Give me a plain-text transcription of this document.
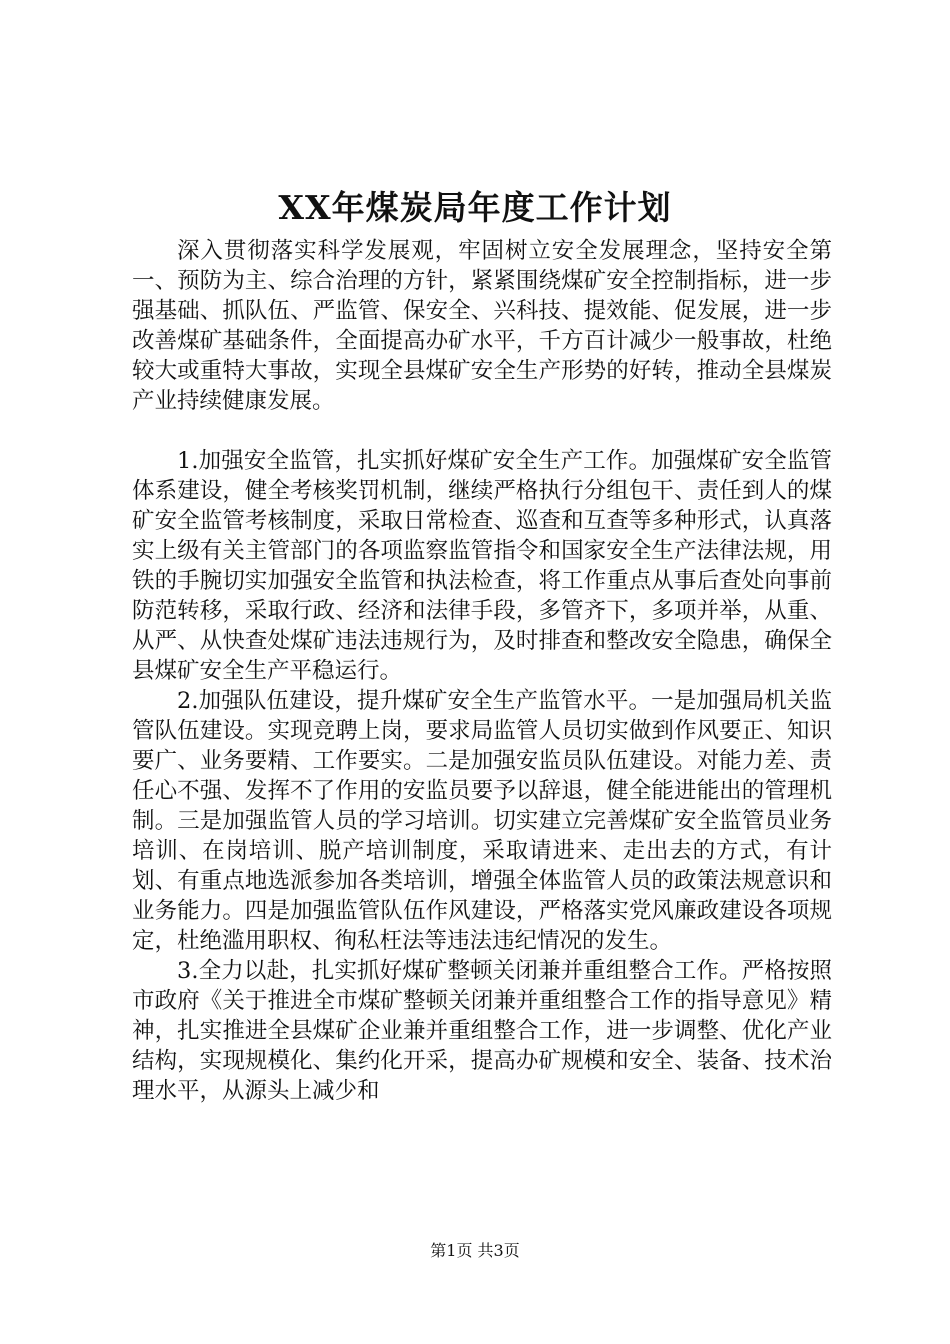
XX年煤炭局年度工作计划

深入贯彻落实科学发展观，牢固树立安全发展理念，坚持安全第一、预防为主、综合治理的方针，紧紧围绕煤矿安全控制指标，进一步强基础、抓队伍、严监管、保安全、兴科技、提效能、促发展，进一步改善煤矿基础条件，全面提高办矿水平，千方百计减少一般事故，杜绝较大或重特大事故，实现全县煤矿安全生产形势的好转，推动全县煤炭产业持续健康发展。

1.加强安全监管，扎实抓好煤矿安全生产工作。加强煤矿安全监管体系建设，健全考核奖罚机制，继续严格执行分组包干、责任到人的煤矿安全监管考核制度，采取日常检查、巡查和互查等多种形式，认真落实上级有关主管部门的各项监察监管指令和国家安全生产法律法规，用铁的手腕切实加强安全监管和执法检查，将工作重点从事后查处向事前防范转移，采取行政、经济和法律手段，多管齐下，多项并举，从重、从严、从快查处煤矿违法违规行为，及时排查和整改安全隐患，确保全县煤矿安全生产平稳运行。

2.加强队伍建设，提升煤矿安全生产监管水平。一是加强局机关监管队伍建设。实现竞聘上岗，要求局监管人员切实做到作风要正、知识要广、业务要精、工作要实。二是加强安监员队伍建设。对能力差、责任心不强、发挥不了作用的安监员要予以辞退，健全能进能出的管理机制。三是加强监管人员的学习培训。切实建立完善煤矿安全监管员业务培训、在岗培训、脱产培训制度，采取请进来、走出去的方式，有计划、有重点地选派参加各类培训，增强全体监管人员的政策法规意识和业务能力。四是加强监管队伍作风建设，严格落实党风廉政建设各项规定，杜绝滥用职权、徇私枉法等违法违纪情况的发生。

3.全力以赴，扎实抓好煤矿整顿关闭兼并重组整合工作。严格按照市政府《关于推进全市煤矿整顿关闭兼并重组整合工作的指导意见》精神，扎实推进全县煤矿企业兼并重组整合工作，进一步调整、优化产业结构，实现规模化、集约化开采，提高办矿规模和安全、装备、技术治理水平，从源头上减少和

第1页 共3页
